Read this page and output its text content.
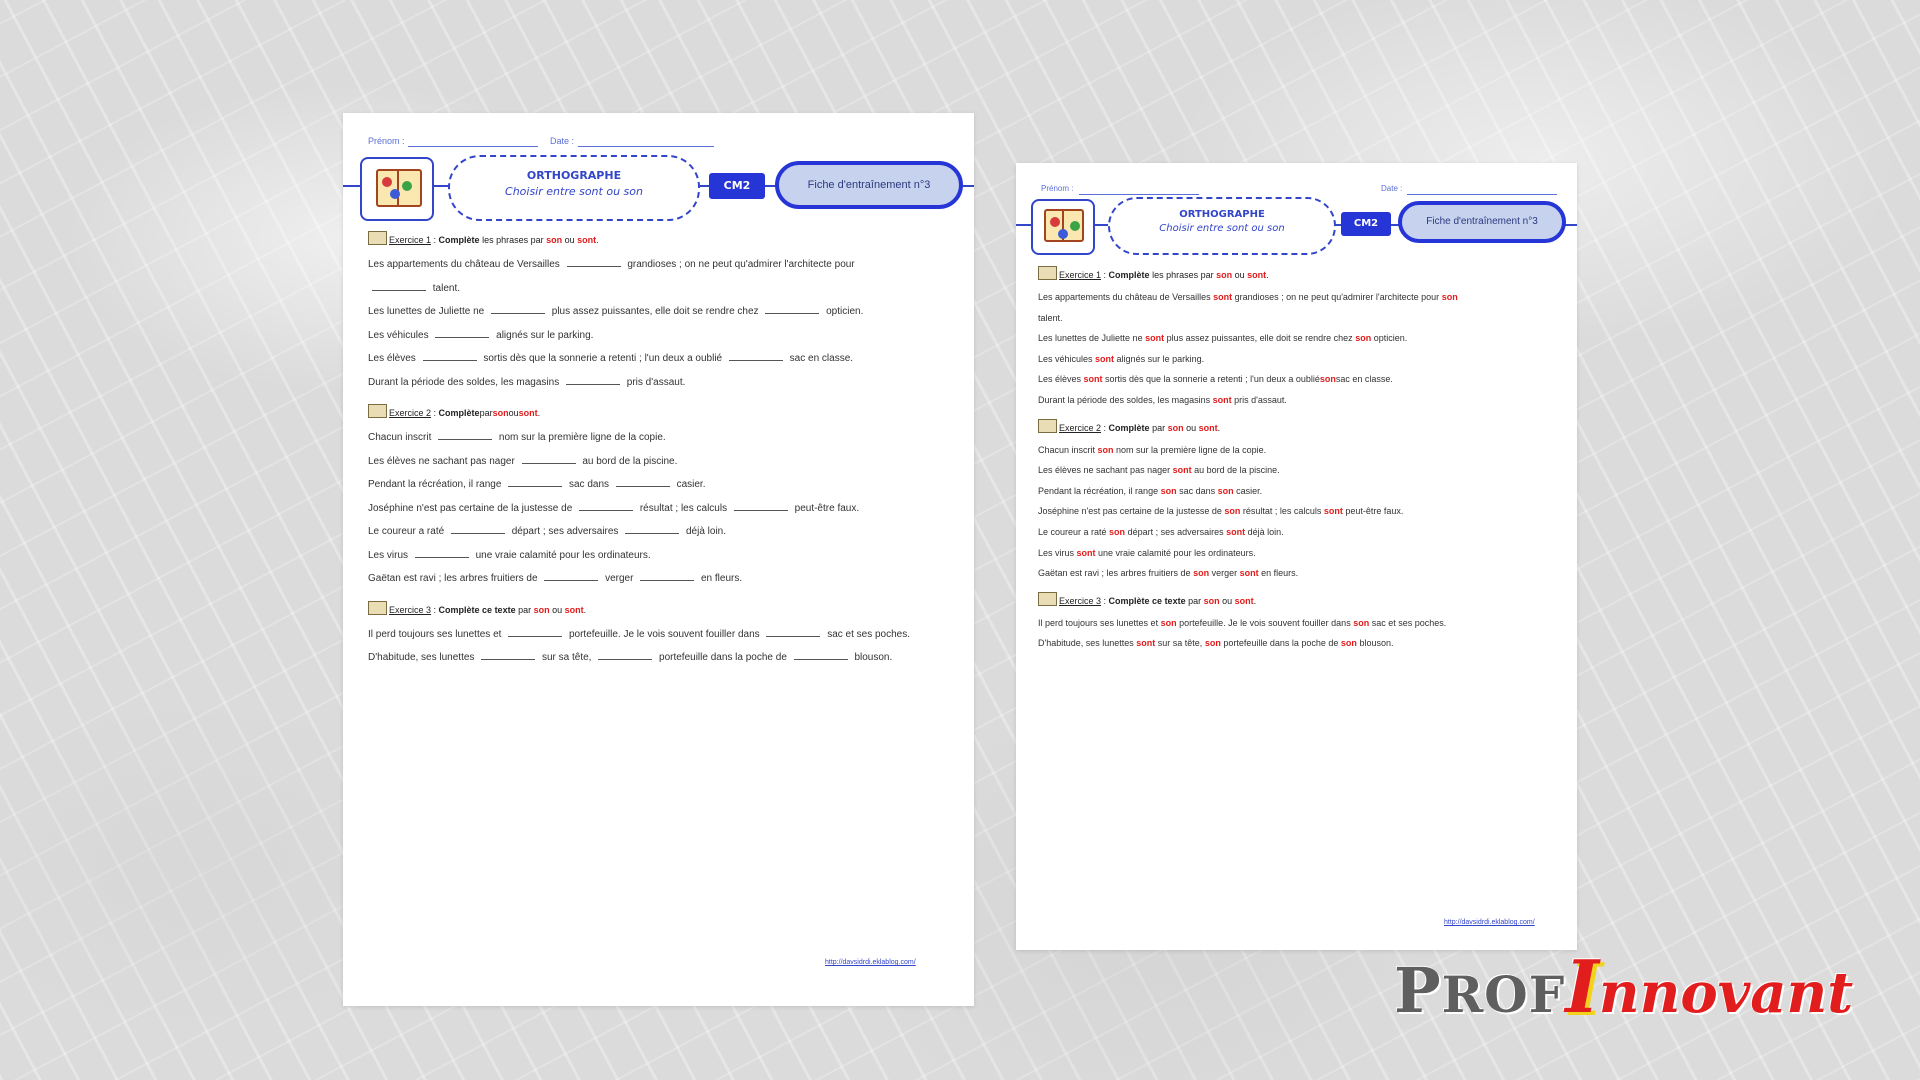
Prénom :	Date :
ORTHOGRAPHE
Choisir entre sont ou son	CM2	Fiche d'entraînement n°3
Exercice 1 : Complète les phrases par son ou sont.
Les appartements du château de Versailles	grandioses ; on ne peut qu'admirer l'architecte pour
talent.
Les lunettes de Juliette ne	plus assez puissantes, elle doit se rendre chez	opticien.
Les véhicules	alignés sur le parking.
Les élèves	sortis dès que la sonnerie a retenti ; l'un deux a oublié	sac en classe.
Durant la période des soldes, les magasins	pris d'assaut.
Exercice 2 : Complèteparsonousont.
Chacun inscrit	nom sur la première ligne de la copie.
Les élèves ne sachant pas nager	au bord de la piscine.
Pendant la récréation, il range	sac dans	casier.
Joséphine n'est pas certaine de la justesse de	résultat ; les calculs	peut-être faux.
Le coureur a raté	départ ; ses adversaires	déjà loin.
Les virus	une vraie calamité pour les ordinateurs.
Gaëtan est ravi ; les arbres fruitiers de	verger	en fleurs.
Exercice 3 : Complète ce texte par son ou sont.
Il perd toujours ses lunettes et	portefeuille. Je le vois souvent fouiller dans	sac et ses poches.
D'habitude, ses lunettes	sur sa tête,	portefeuille dans la poche de	blouson.
http://davsidrdi.eklablog.com/
Prénom :	Date :
ORTHOGRAPHE
Choisir entre sont ou son	CM2	Fiche d'entraînement n°3
Exercice 1 : Complète les phrases par son ou sont.
Les appartements du château de Versailles sont grandioses ; on ne peut qu'admirer l'architecte pour son
talent.
Les lunettes de Juliette ne sont plus assez puissantes, elle doit se rendre chez son opticien.
Les véhicules sont alignés sur le parking.
Les élèves sont sortis dès que la sonnerie a retenti ; l'un deux a oubliésonsac en classe.
Durant la période des soldes, les magasins sont pris d'assaut.
Exercice 2 : Complète par son ou sont.
Chacun inscrit son nom sur la première ligne de la copie.
Les élèves ne sachant pas nager sont au bord de la piscine.
Pendant la récréation, il range son sac dans son casier.
Joséphine n'est pas certaine de la justesse de son résultat ; les calculs sont peut-être faux.
Le coureur a raté son départ ; ses adversaires sont déjà loin.
Les virus sont une vraie calamité pour les ordinateurs.
Gaëtan est ravi ; les arbres fruitiers de son verger sont en fleurs.
Exercice 3 : Complète ce texte par son ou sont.
Il perd toujours ses lunettes et son portefeuille. Je le vois souvent fouiller dans son sac et ses poches.
D'habitude, ses lunettes sont sur sa tête, son portefeuille dans la poche de son blouson.
http://davsidrdi.eklablog.com/
PROFInnovant
